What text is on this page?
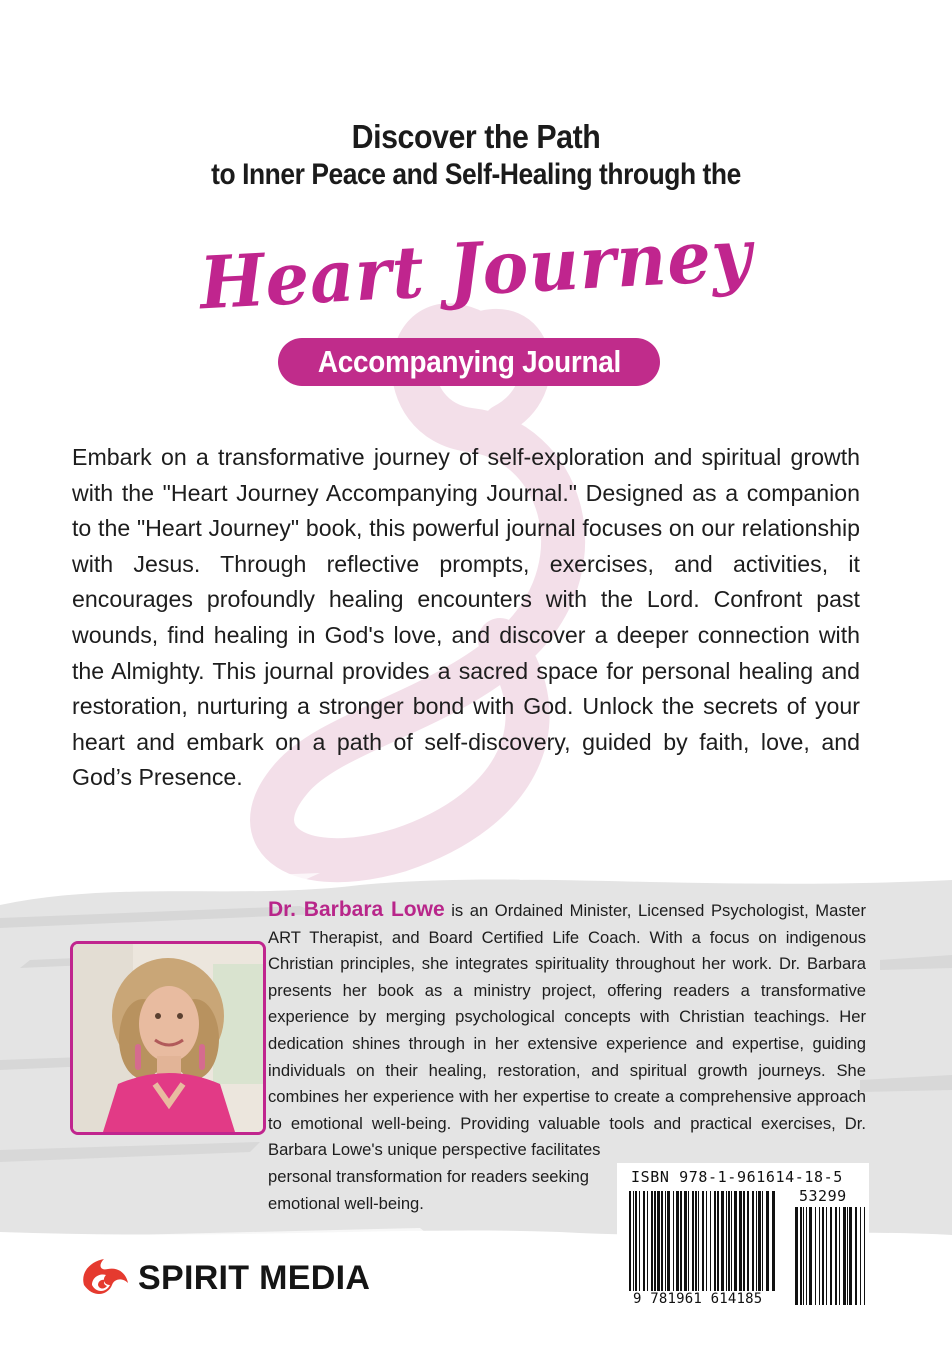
Discover the Path
to Inner Peace and Self-Healing through the
Heart Journey
Accompanying Journal

Embark on a transformative journey of self-exploration and spiritual growth with the "Heart Journey Accompanying Journal." Designed as a companion to the "Heart Journey" book, this powerful journal focuses on our relationship with Jesus. Through reflective prompts, exercises, and activities, it encourages profoundly healing encounters with the Lord. Confront past wounds, find healing in God's love, and discover a deeper connection with the Almighty. This journal provides a sacred space for personal healing and restoration, nurturing a stronger bond with God. Unlock the secrets of your heart and embark on a path of self-discovery, guided by faith, love, and God’s Presence.

Dr. Barbara Lowe is an Ordained Minister, Licensed Psychologist, Master ART Therapist, and Board Certified Life Coach. With a focus on indigenous Christian principles, she integrates spirituality throughout her work. Dr. Barbara presents her book as a ministry project, offering readers a transformative experience by merging psychological concepts with Christian teachings. Her dedication shines through in her extensive experience and expertise, guiding individuals on their healing, restoration, and spiritual growth journeys. She combines her experience with her expertise to create a comprehensive approach to emotional well-being. Providing valuable tools and practical exercises, Dr. Barbara Lowe's unique perspective facilitates
personal transformation for readers seeking emotional well-being.
ISBN 978-1-961614-18-5
53299
9 781961 614185
SPIRIT MEDIA
